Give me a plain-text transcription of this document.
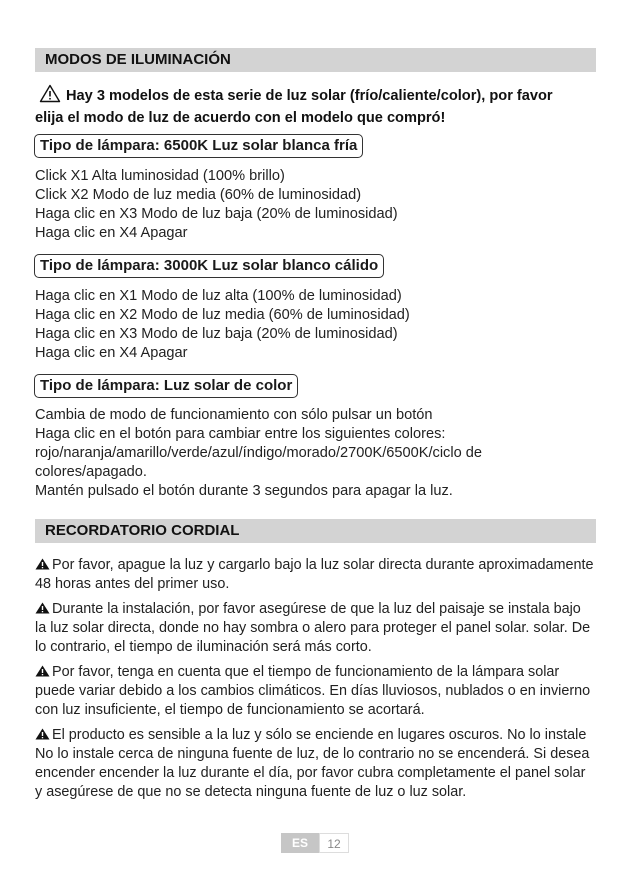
MODOS DE ILUMINACIÓN
Hay 3 modelos de esta serie de luz solar (frío/caliente/color), por favor
elija el modo de luz de acuerdo con el modelo que compró!
Tipo de lámpara: 6500K Luz solar blanca fría
Click X1 Alta luminosidad (100% brillo)
Click X2 Modo de luz media (60% de luminosidad)
Haga clic en X3 Modo de luz baja (20% de luminosidad)
Haga clic en X4 Apagar
Tipo de lámpara: 3000K Luz solar blanco cálido
Haga clic en X1 Modo de luz alta (100% de luminosidad)
Haga clic en X2 Modo de luz media (60% de luminosidad)
Haga clic en X3 Modo de luz baja (20% de luminosidad)
Haga clic en X4 Apagar
Tipo de lámpara: Luz solar de color
Cambia de modo de funcionamiento con sólo pulsar un botón
Haga clic en el botón para cambiar entre los siguientes colores:
rojo/naranja/amarillo/verde/azul/índigo/morado/2700K/6500K/ciclo de
colores/apagado.
Mantén pulsado el botón durante 3 segundos para apagar la luz.
RECORDATORIO CORDIAL
Por favor, apague la luz y cargarlo bajo la luz solar directa durante aproximadamente 48 horas antes del primer uso.
Durante la instalación, por favor asegúrese de que la luz del paisaje se instala bajo la luz solar directa, donde no hay sombra o alero para proteger el panel solar. solar. De lo contrario, el tiempo de iluminación será más corto.
Por favor, tenga en cuenta que el tiempo de funcionamiento de la lámpara solar puede variar debido a los cambios climáticos. En días lluviosos, nublados o en invierno con luz insuficiente, el tiempo de funcionamiento se acortará.
El producto es sensible a la luz y sólo se enciende en lugares oscuros. No lo instale No lo instale cerca de ninguna fuente de luz, de lo contrario no se encenderá. Si desea encender encender la luz durante el día, por favor cubra completamente el panel solar y asegúrese de que no se detecta ninguna fuente de luz o luz solar.
ES	12
